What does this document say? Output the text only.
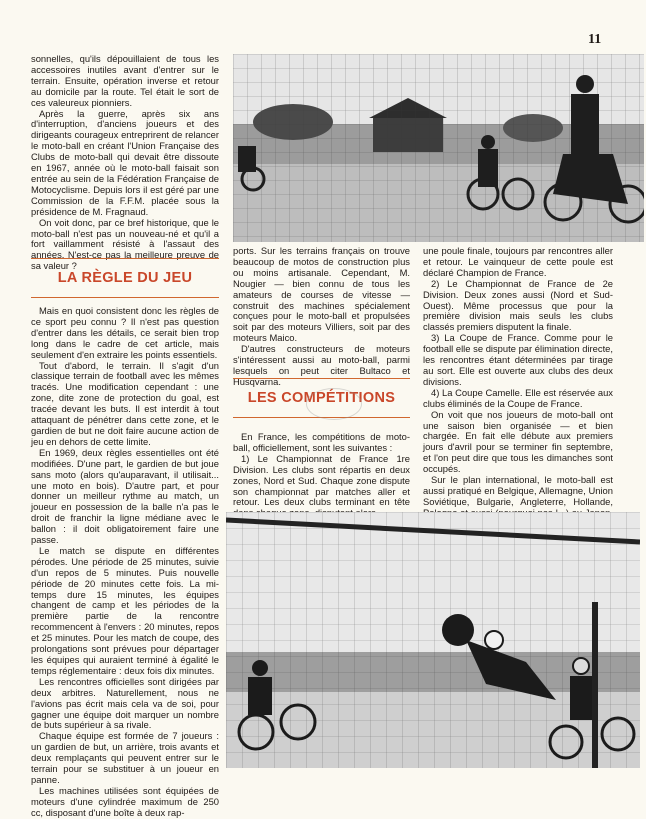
11

sonnelles, qu'ils dépouillaient de tous les accessoires inutiles avant d'entrer sur le terrain. Ensuite, opération inverse et retour au domicile par la route. Tel était le sort de ces valeureux pionniers.

Après la guerre, après six ans d'interruption, d'anciens joueurs et des dirigeants courageux entreprirent de relancer le moto-ball en créant l'Union Française des Clubs de moto-ball qui devait être dissoute en 1967, année où le moto-ball faisait son entrée au sein de la Fédération Française de Motocyclisme. Depuis lors il est géré par une Commission de la F.F.M. placée sous la présidence de M. Fragnaud.

On voit donc, par ce bref historique, que le moto-ball n'est pas un nouveau-né et qu'il a fort vaillamment résisté à l'assaut des années. N'est-ce pas la meilleure preuve de sa valeur ?

LA RÈGLE DU JEU

Mais en quoi consistent donc les règles de ce sport peu connu ? Il n'est pas question d'entrer dans les détails, ce serait bien trop long dans le cadre de cet article, mais seulement d'en extraire les points essentiels.

Tout d'abord, le terrain. Il s'agit d'un classique terrain de football avec les mêmes tracés. Une modification cependant : une zone, dite zone de protection du goal, est tracée devant les buts. Il est interdit à tout attaquant de pénétrer dans cette zone, et le gardien de but ne doit faire aucune action de jeu en dehors de cette limite.

En 1969, deux règles essentielles ont été modifiées. D'une part, le gardien de but joue sans moto (alors qu'auparavant, il utilisait... une moto en bois). D'autre part, et pour donner un meilleur rythme au match, un joueur en possession de la balle n'a pas le droit de franchir la ligne médiane avec le ballon : il doit obligatoirement faire une passe.

Le match se dispute en différentes pérodes. Une période de 25 minutes, suivie d'un repos de 5 minutes. Puis nouvelle période de 20 minutes cette fois. La mi-temps dure 15 minutes, les équipes changent de camp et les périodes de la première partie de la rencontre recommencent à l'envers : 20 minutes, repos et 25 minutes. Pour les match de coupe, des prolongations sont prévues pour départager les équipes qui auraient terminé à égalité le temps réglementaire : deux fois dix minutes.

Les rencontres officielles sont dirigées par deux arbitres. Naturellement, nous ne l'avions pas écrit mais cela va de soi, pour gagner une équipe doit marquer un nombre de buts supérieur à sa rivale.

Chaque équipe est formée de 7 joueurs : un gardien de but, un arrière, trois avants et deux remplaçants qui peuvent entrer sur le terrain pour se substituer à un joueur en panne.

Les machines utilisées sont équipées de moteurs d'une cylindrée maximum de 250 cc, disposant d'une boîte à deux rap-

ports. Sur les terrains français on trouve beaucoup de motos de construction plus ou moins artisanale. Cependant, M. Nougier — bien connu de tous les amateurs de courses de vitesse — construit des machines spécialement conçues pour le moto-ball et propulsées soit par des moteurs Villiers, soit par des moteurs Maico.

D'autres constructeurs de moteurs s'intéressent aussi au moto-ball, parmi lesquels on peut citer Bultaco et Husqvarna.

LES COMPÉTITIONS

En France, les compétitions de moto-ball, officiellement, sont les suivantes :

1) Le Championnat de France 1re Division. Les clubs sont répartis en deux zones, Nord et Sud. Chaque zone dispute son championnat par matches aller et retour. Les deux clubs terminant en tête

une poule finale, toujours par rencontres aller et retour. Le vainqueur de cette poule est déclaré Champion de France.

2) Le Championnat de France de 2e Division. Deux zones aussi (Nord et Sud-Ouest). Même processus que pour la première division mais seuls les clubs classés premiers disputent la finale.

3) La Coupe de France. Comme pour le football elle se dispute par élimination directe, les rencontres étant déterminées par tirage au sort. Elle est ouverte aux clubs des deux divisions.

4) La Coupe Camelle. Elle est réservée aux clubs éliminés de la Coupe de France.

On voit que nos joueurs de moto-ball ont une saison bien organisée — et bien chargée. En fait elle débute aux premiers jours d'avril pour se terminer fin septembre, et l'on peut dire que tous les dimanches sont occupés.

Sur le plan international, le moto-ball est aussi pratiqué en Belgique, Allemagne, Union Soviétique, Bulgarie, Angleterre, Hollande,
